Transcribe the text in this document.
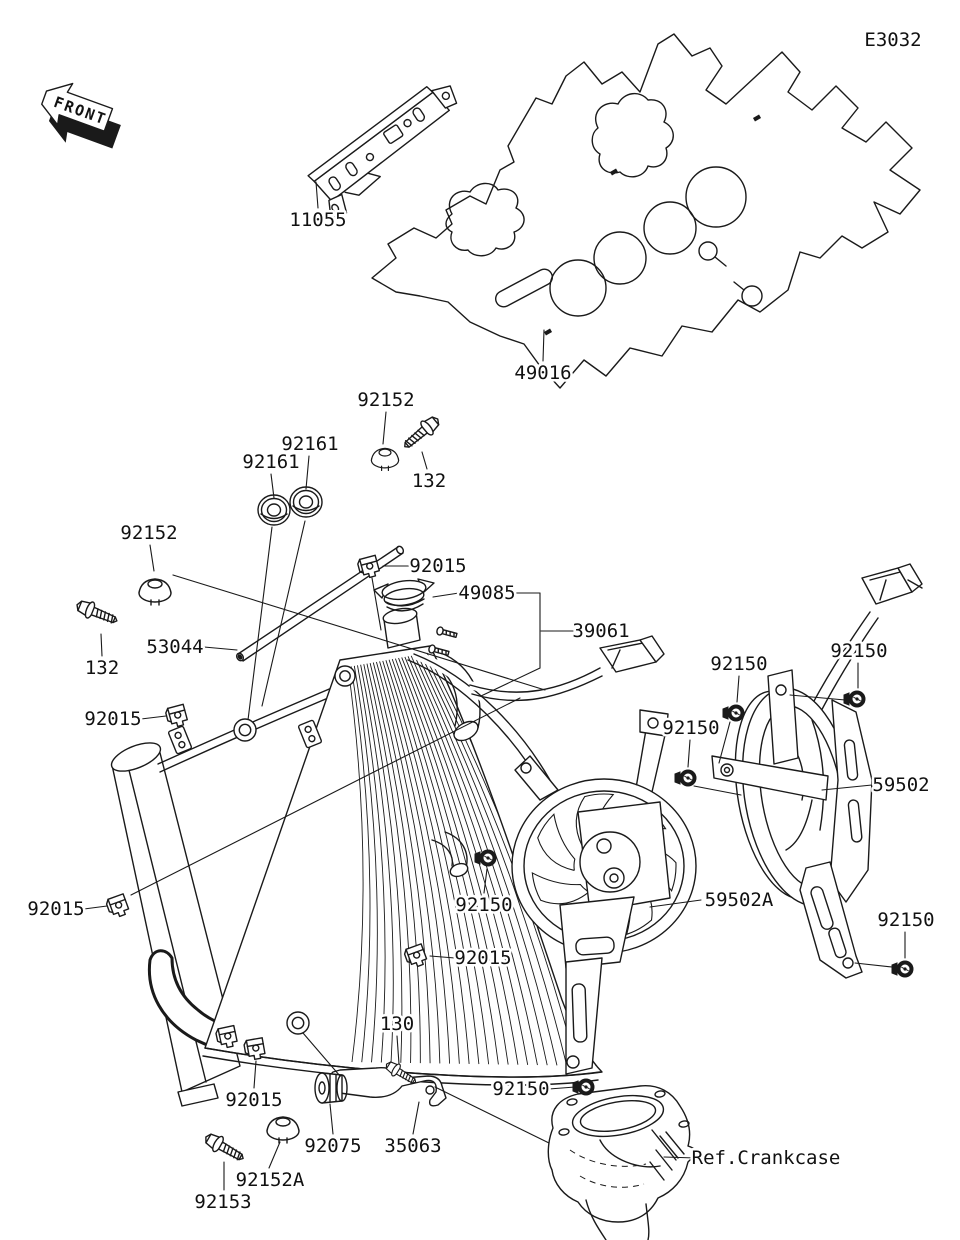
FRONT
11055
49016
92152
92161
92161
132
92152
132
53044
92015
49085
39061
92150
92150
92150
92150
92150
92150
59502
59502A
92075 35063
130
92152A
92153
92015
92015
92015
92015
Ref.Crankcase
E3032
